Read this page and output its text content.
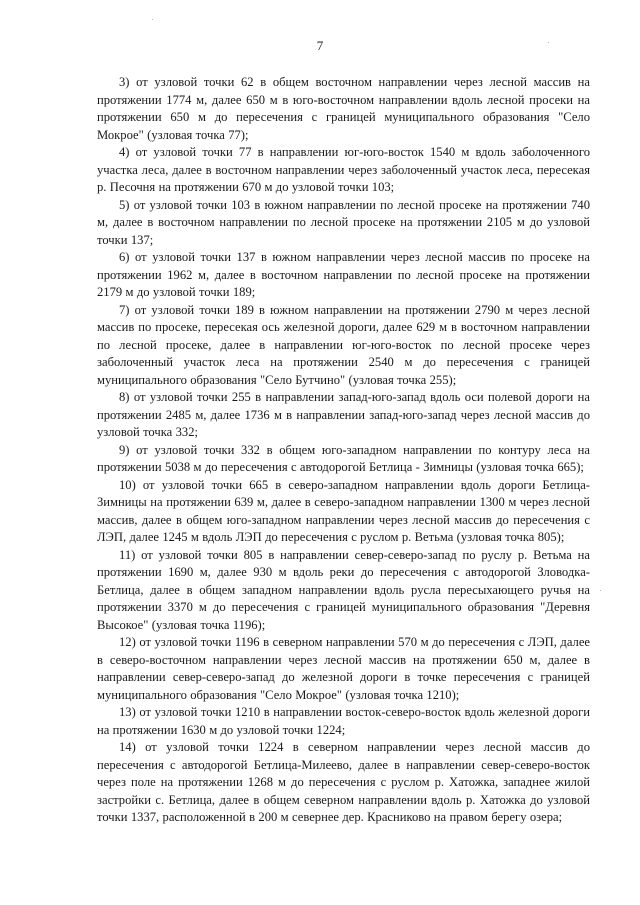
7

3) от узловой точки 62 в общем восточном направлении через лесной массив на протяжении 1774 м, далее 650 м в юго-восточном направлении вдоль лесной просеки на протяжении 650 м до пересечения с границей муниципального образования "Село Мокрое" (узловая точка 77);

4) от узловой точки 77 в направлении юг-юго-восток 1540 м вдоль заболоченного участка леса, далее в восточном направлении через заболоченный участок леса, пересекая р. Песочня на протяжении 670 м до узловой точки 103;

5) от узловой точки 103 в южном направлении по лесной просеке на протяжении 740 м, далее в восточном направлении по лесной просеке на протяжении 2105 м до узловой точки 137;

6) от узловой точки 137 в южном направлении через лесной массив по просеке на протяжении 1962 м, далее в восточном направлении по лесной просеке на протяжении 2179 м до узловой точки 189;

7) от узловой точки 189 в южном направлении на протяжении 2790 м через лесной массив по просеке, пересекая ось железной дороги, далее 629 м в восточном направлении по лесной просеке, далее в направлении юг-юго-восток по лесной просеке через заболоченный участок леса на протяжении 2540 м до пересечения с границей муниципального образования "Село Бутчино" (узловая точка 255);

8) от узловой точки 255 в направлении запад-юго-запад вдоль оси полевой дороги на протяжении 2485 м, далее 1736 м в направлении запад-юго-запад через лесной массив до узловой точка 332;

9) от узловой точки 332 в общем юго-западном направлении по контуру леса на протяжении 5038 м до пересечения с автодорогой Бетлица - Зимницы (узловая точка 665);

10) от узловой точки 665 в северо-западном направлении вдоль дороги Бетлица-Зимницы на протяжении 639 м, далее в северо-западном направлении 1300 м через лесной массив, далее в общем юго-западном направлении через лесной массив до пересечения с ЛЭП, далее 1245 м вдоль ЛЭП до пересечения с руслом р. Ветьма (узловая точка 805);

11) от узловой точки 805 в направлении север-северо-запад по руслу р. Ветьма на протяжении 1690 м, далее 930 м вдоль реки до пересечения с автодорогой Зловодка-Бетлица, далее в общем западном направлении вдоль русла пересыхающего ручья на протяжении 3370 м до пересечения с границей муниципального образования "Деревня Высокое" (узловая точка 1196);

12) от узловой точки 1196 в северном направлении 570 м до пересечения с ЛЭП, далее в северо-восточном направлении через лесной массив на протяжении 650 м, далее в направлении север-северо-запад до железной дороги в точке пересечения с границей муниципального образования "Село Мокрое" (узловая точка 1210);

13) от узловой точки 1210 в направлении восток-северо-восток вдоль железной дороги на протяжении 1630 м до узловой точки 1224;

14) от узловой точки 1224 в северном направлении через лесной массив до пересечения с автодорогой Бетлица-Милеево, далее в направлении север-северо-восток через поле на протяжении 1268 м до пересечения с руслом р. Хатожка, западнее жилой застройки с. Бетлица, далее в общем северном направлении вдоль р. Хатожка до узловой точки 1337, расположенной в 200 м севернее дер. Красниково на правом берегу озера;
